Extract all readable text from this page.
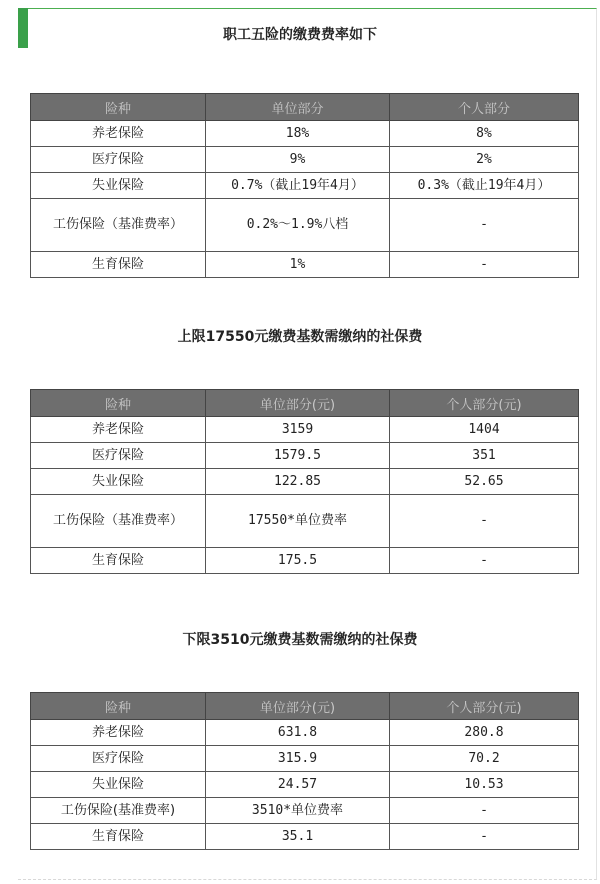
职工五险的缴费费率如下
险种	单位部分	个人部分
养老保险	18%	8%
医疗保险	9%	2%
失业保险	0.7%（截止19年4月）	0.3%（截止19年4月）
工伤保险（基准费率）	0.2%～1.9%八档	-
生育保险	1%	-
上限17550元缴费基数需缴纳的社保费
险种	单位部分(元)	个人部分(元)
养老保险	3159	1404
医疗保险	1579.5	351
失业保险	122.85	52.65
工伤保险（基准费率）	17550*单位费率	-
生育保险	175.5	-
下限3510元缴费基数需缴纳的社保费
险种	单位部分(元)	个人部分(元)
养老保险	631.8	280.8
医疗保险	315.9	70.2
失业保险	24.57	10.53
工伤保险(基准费率)	3510*单位费率	-
生育保险	35.1	-
